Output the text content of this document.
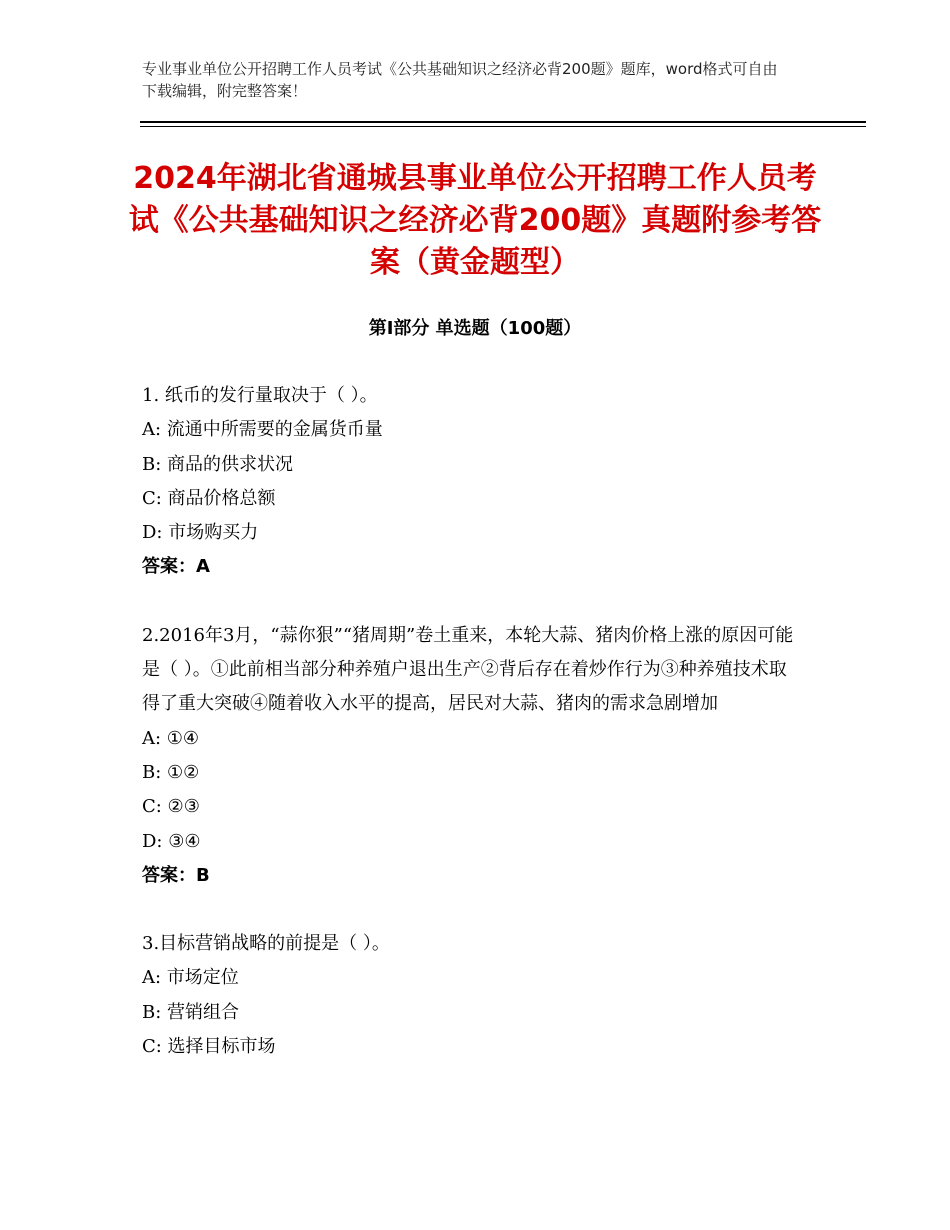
专业事业单位公开招聘工作人员考试《公共基础知识之经济必背200题》题库，word格式可自由下载编辑，附完整答案！
2024年湖北省通城县事业单位公开招聘工作人员考试《公共基础知识之经济必背200题》真题附参考答案（黄金题型）
第Ⅰ部分 单选题（100题）
1. 纸币的发行量取决于（ ）。
A: 流通中所需要的金属货币量
B: 商品的供求状况
C: 商品价格总额
D: 市场购买力
答案：A
2.2016年3月，“蒜你狠”“猪周期”卷土重来，本轮大蒜、猪肉价格上涨的原因可能是（ ）。①此前相当部分种养殖户退出生产②背后存在着炒作行为③种养殖技术取得了重大突破④随着收入水平的提高，居民对大蒜、猪肉的需求急剧增加
A: ①④
B: ①②
C: ②③
D: ③④
答案：B
3.目标营销战略的前提是（ ）。
A: 市场定位
B: 营销组合
C: 选择目标市场
